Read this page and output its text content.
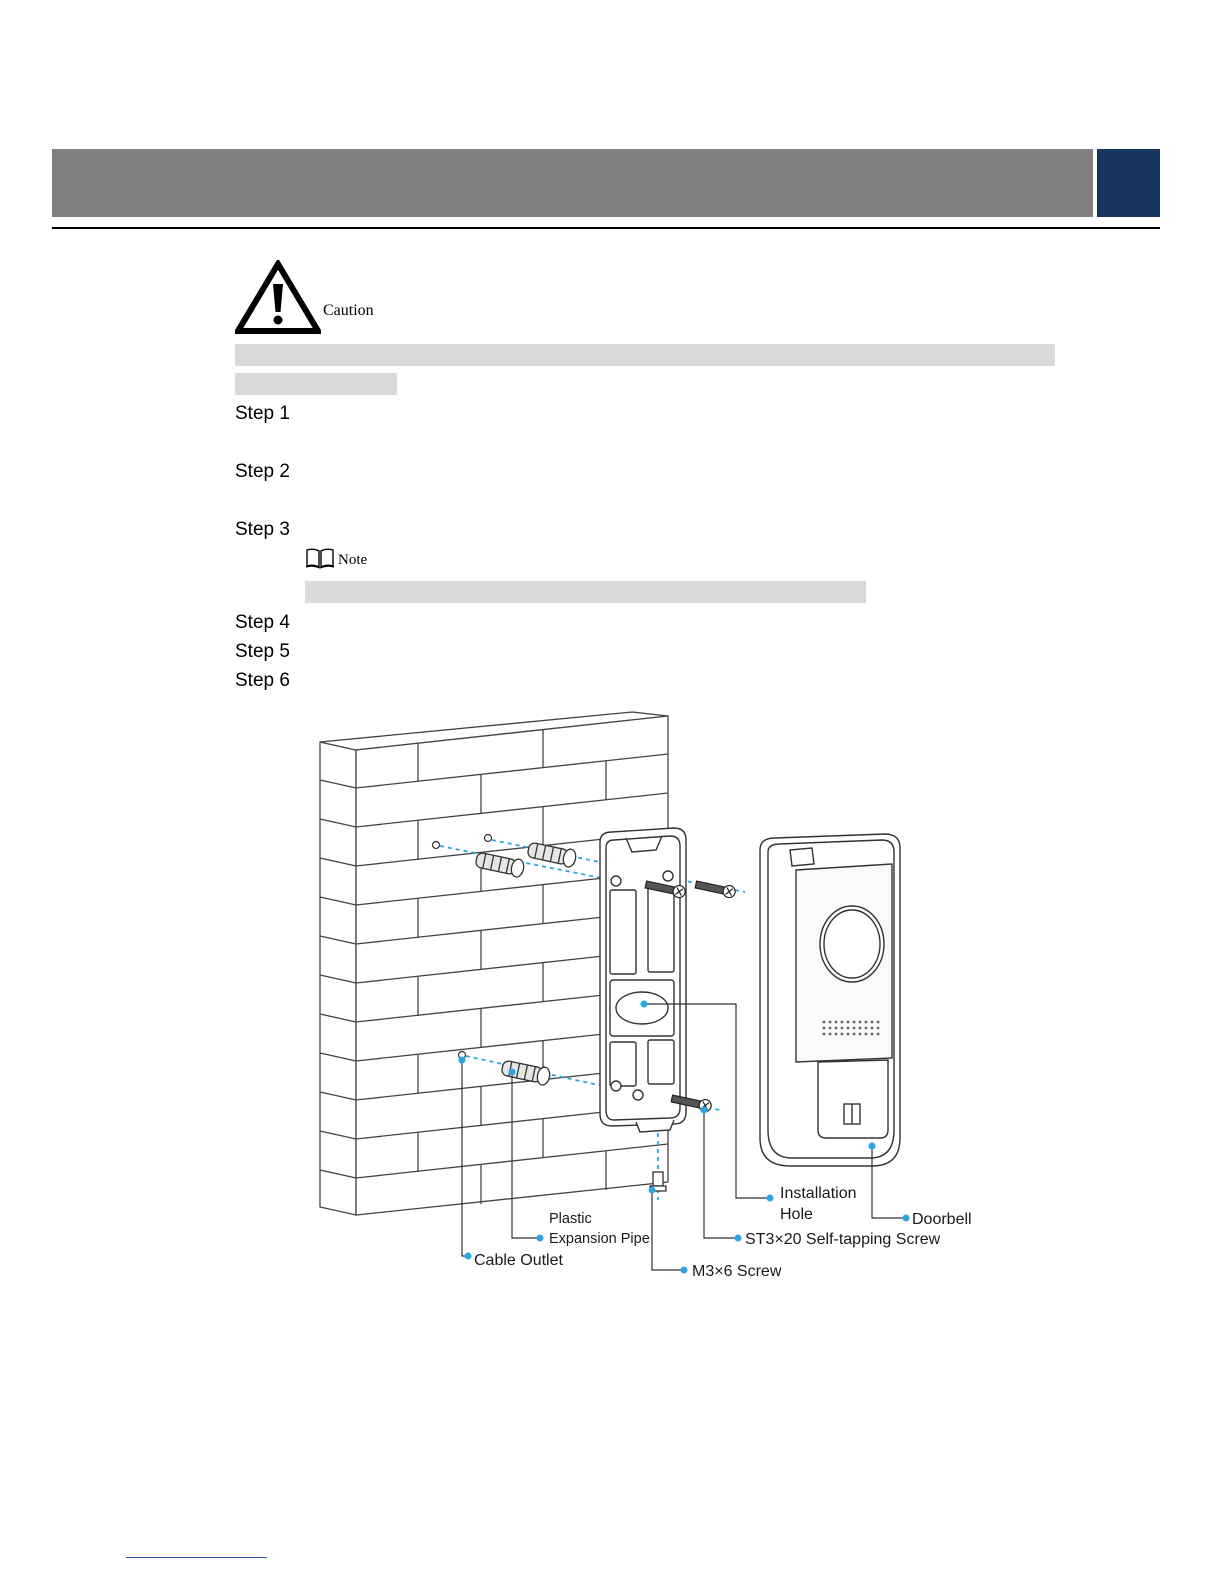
Caution
Step 1
Step 2
Step 3
Note
Step 4
Step 5
Step 6
Installation
Hole	Doorbell
Plastic
Expansion Pipe	ST3×20 Self-tapping Screw
Cable Outlet
M3×6 Screw
